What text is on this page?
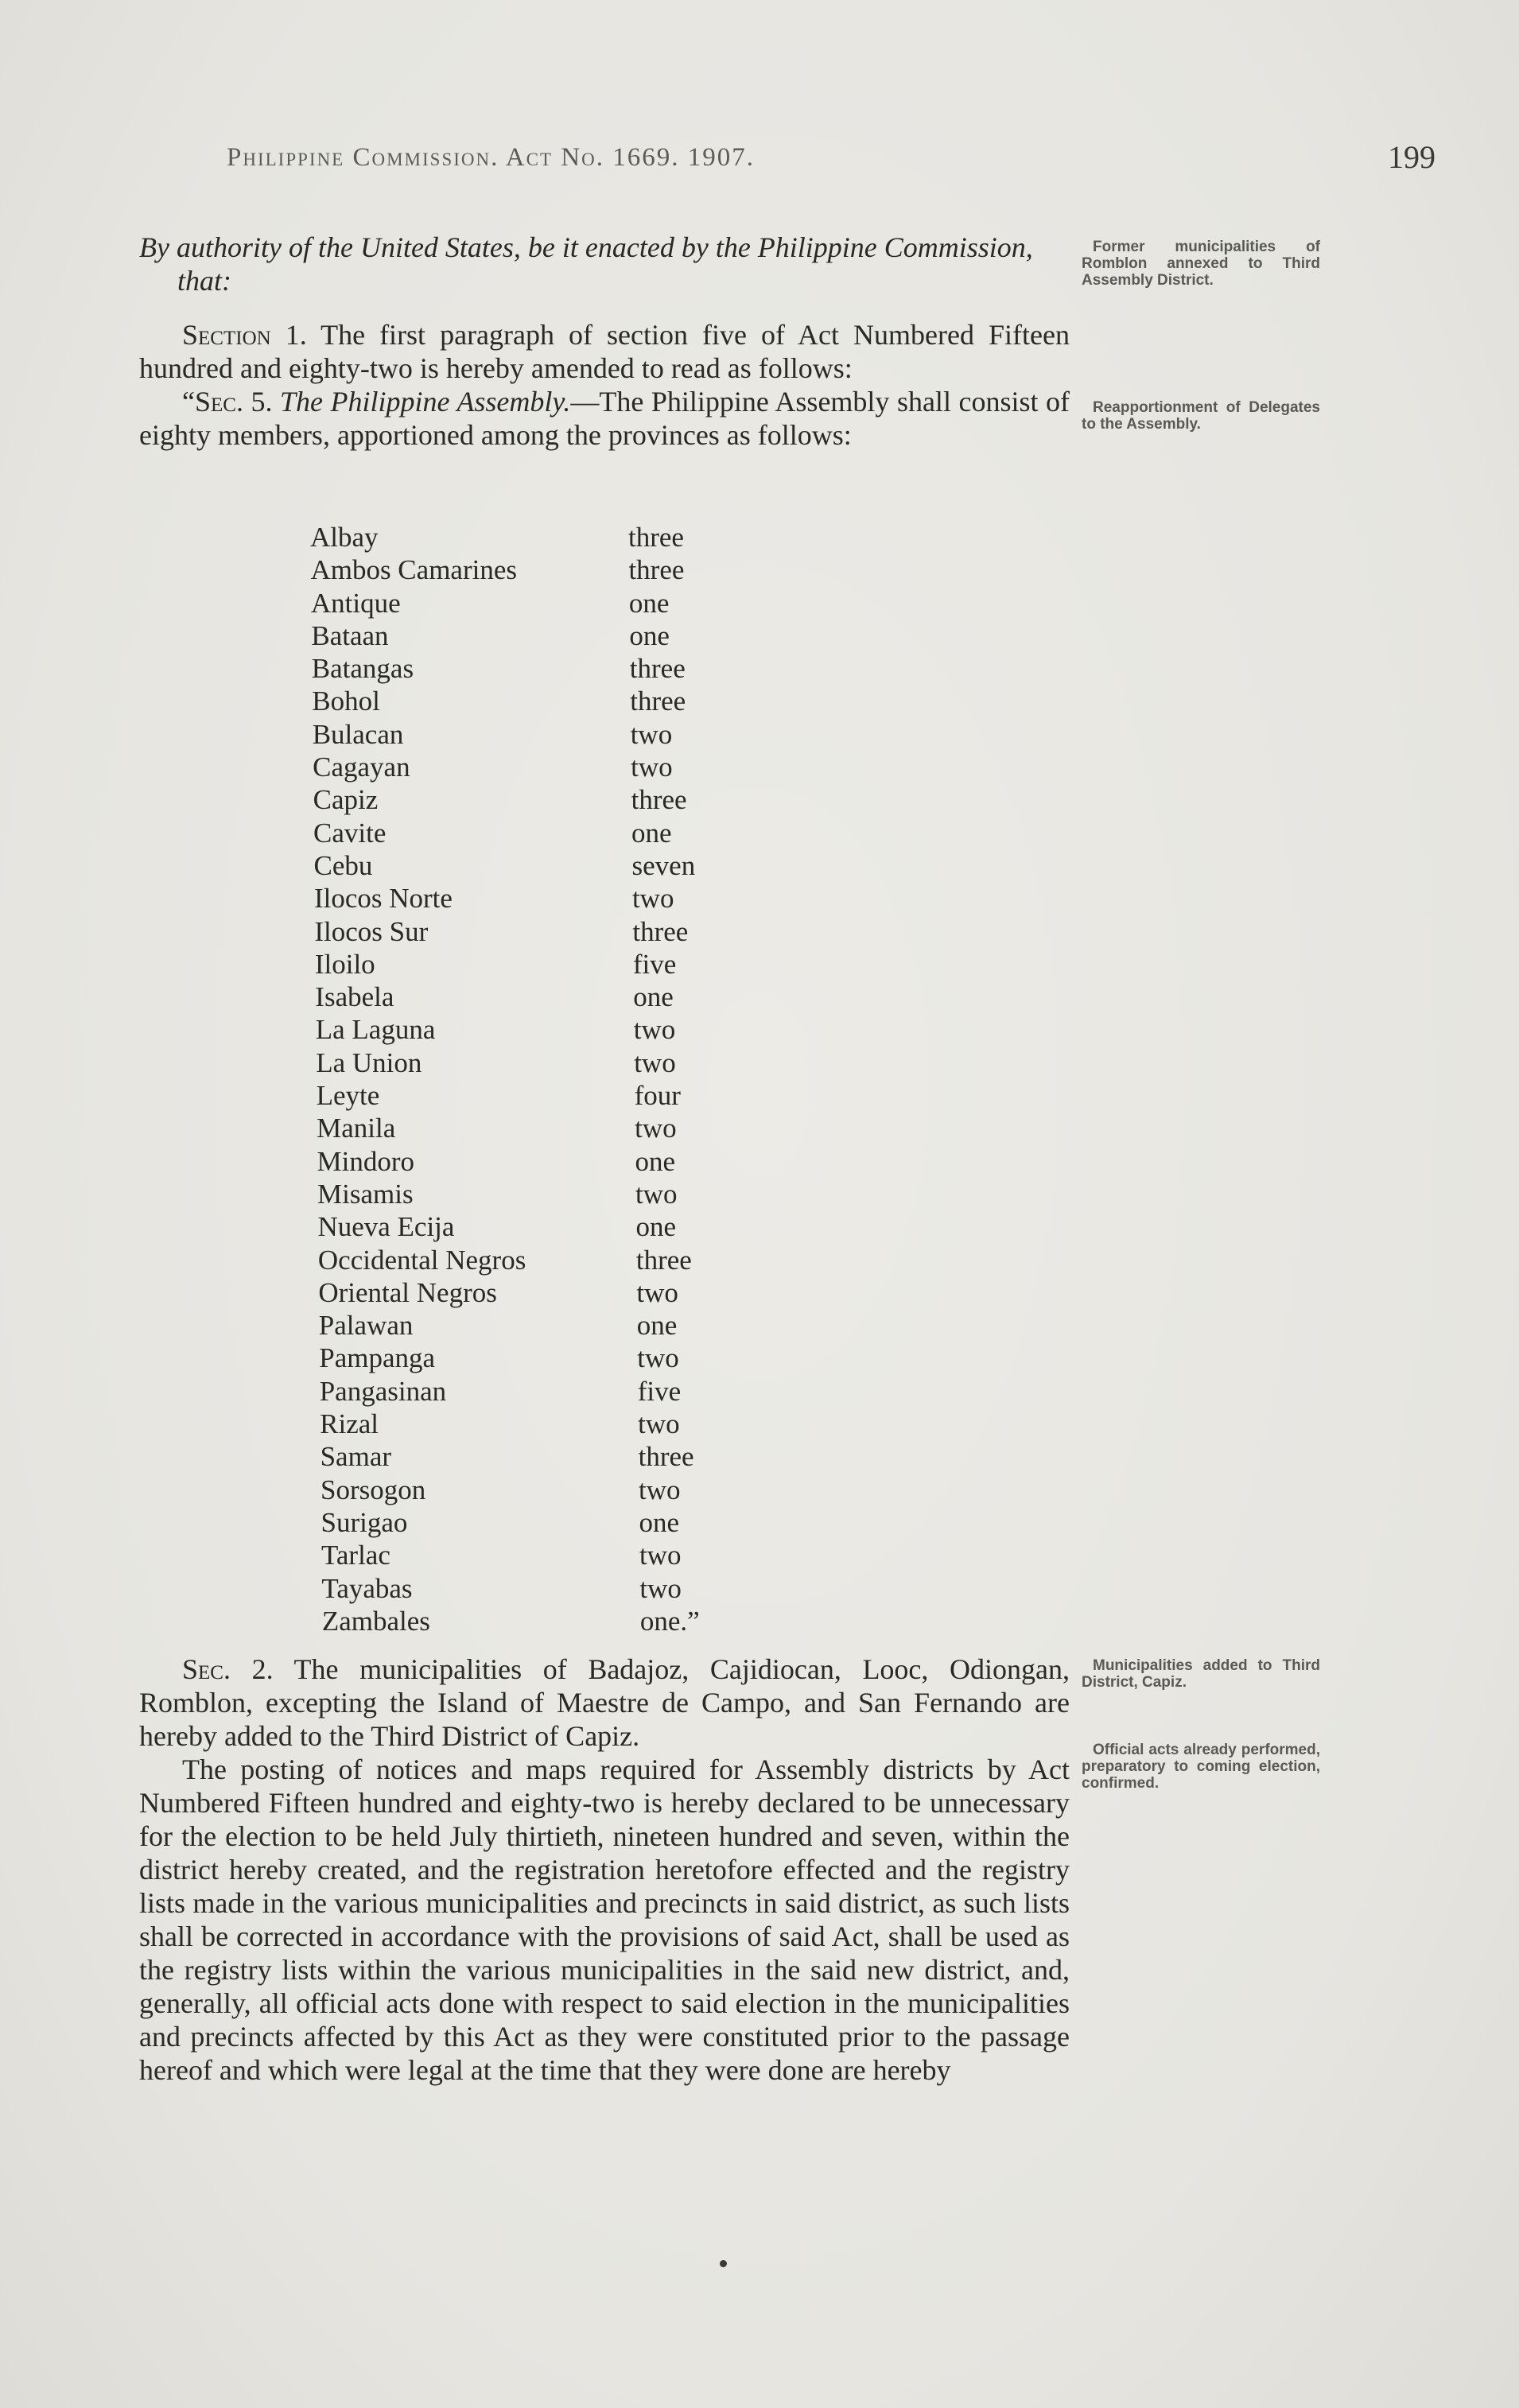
Philippine Commission. Act No. 1669. 1907.	199

By authority of the United States, be it enacted by the Philippine Commission, that:

Section 1. The first paragraph of section five of Act Numbered Fifteen hundred and eighty-two is hereby amended to read as follows:

“Sec. 5. The Philippine Assembly.—The Philippine Assembly shall consist of eighty members, apportioned among the provinces as follows:

Albay	three
Ambos Camarines	three
Antique	one
Bataan	one
Batangas	three
Bohol	three
Bulacan	two
Cagayan	two
Capiz	three
Cavite	one
Cebu	seven
Ilocos Norte	two
Ilocos Sur	three
Iloilo	five
Isabela	one
La Laguna	two
La Union	two
Leyte	four
Manila	two
Mindoro	one
Misamis	two
Nueva Ecija	one
Occidental Negros	three
Oriental Negros	two
Palawan	one
Pampanga	two
Pangasinan	five
Rizal	two
Samar	three
Sorsogon	two
Surigao	one
Tarlac	two
Tayabas	two
Zambales	one.”

Sec. 2. The municipalities of Badajoz, Cajidiocan, Looc, Odiongan, Romblon, excepting the Island of Maestre de Campo, and San Fernando are hereby added to the Third District of Capiz.

The posting of notices and maps required for Assembly districts by Act Numbered Fifteen hundred and eighty-two is hereby declared to be unnecessary for the election to be held July thirtieth, nineteen hundred and seven, within the district hereby created, and the registration heretofore effected and the registry lists made in the various municipalities and precincts in said district, as such lists shall be corrected in accordance with the provisions of said Act, shall be used as the registry lists within the various municipalities in the said new district, and, generally, all official acts done with respect to said election in the municipalities and precincts affected by this Act as they were constituted prior to the passage hereof and which were legal at the time that they were done are hereby

Former municipalities of Romblon annexed to Third Assembly District.
Reapportionment of Delegates to the Assembly.
Municipalities added to Third District, Capiz.
Official acts already performed, preparatory to coming election, confirmed.
